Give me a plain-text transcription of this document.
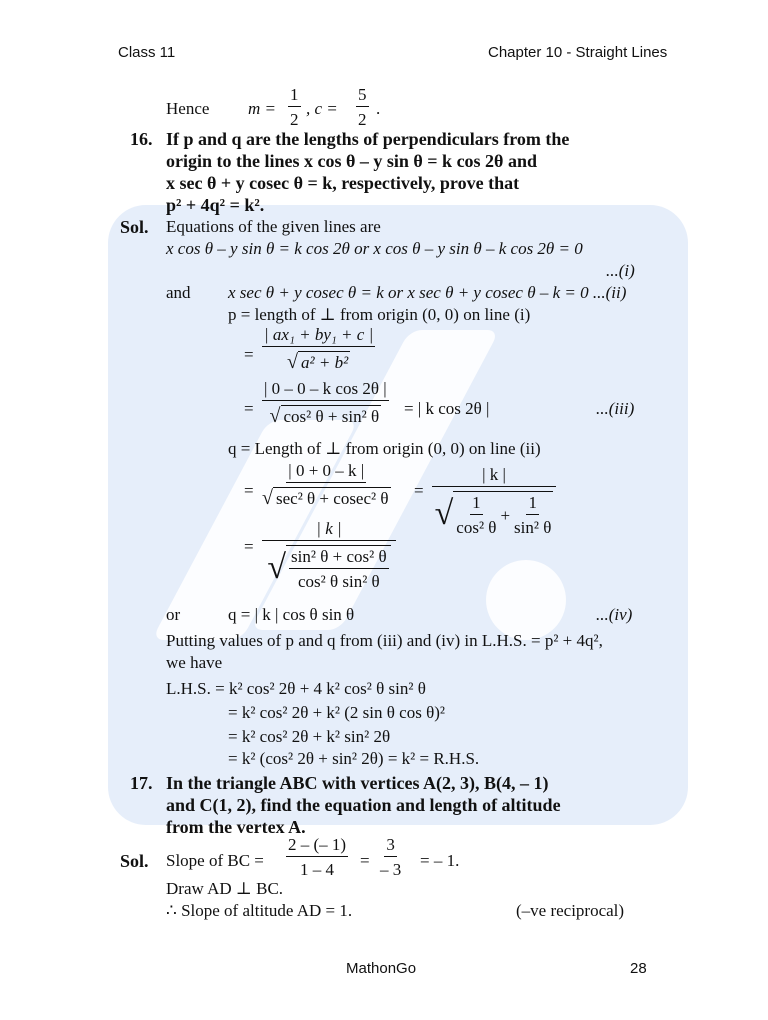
Class 11	Chapter 10 - Straight Lines
Hence $m = \frac{1}{2}$ , $c = \frac{5}{2}$ .
16. If p and q are the lengths of perpendiculars from the
origin to the lines x cos θ – y sin θ = k cos 2θ and
x sec θ + y cosec θ = k, respectively, prove that
p² + 4q² = k².
Sol. Equations of the given lines are
x cos θ – y sin θ = k cos 2θ or x cos θ – y sin θ – k cos 2θ = 0
...(i)
and x sec θ + y cosec θ = k or x sec θ + y cosec θ – k = 0 ...(ii)
p = length of ⊥ from origin (0, 0) on line (i)
= $\frac{\text{| ax₁ + by₁ + c |}}{\text{√ a² + b²}}$
= $\frac{\text{| 0 – 0 – k cos 2θ |}}{\text{√ cos² θ + sin² θ}}$ = | k cos 2θ |	...(iii)
q = Length of ⊥ from origin (0, 0) on line (ii)
=
| 0 + 0 – k |
√ sec² θ + cosec² θ =
| k |
√ $\frac{1}{\text{cos² θ}} + \frac{1}{\text{sin² θ}}$
=
| k |
√ sin² θ + cos² θ
cos² θ sin² θ
or	q = | k | cos θ sin θ	...(iv)
Putting values of p and q from (iii) and (iv) in L.H.S. = p² + 4q²,
we have
L.H.S. = k² cos² 2θ + 4 k² cos² θ sin² θ
= k² cos² 2θ + k² (2 sin θ cos θ)²
= k² cos² 2θ + k² sin² 2θ
= k² (cos² 2θ + sin² 2θ) = k² = R.H.S.
17. In the triangle ABC with vertices A(2, 3), B(4, – 1)
and C(1, 2), find the equation and length of altitude
from the vertex A.
Sol. Slope of BC = $\frac{2 - (- 1)}{1 - 4} = \frac{3}{- 3}$ = – 1.
Draw AD ⊥ BC.
∴ Slope of altitude AD = 1.	(–ve reciprocal)
MathonGo	28
